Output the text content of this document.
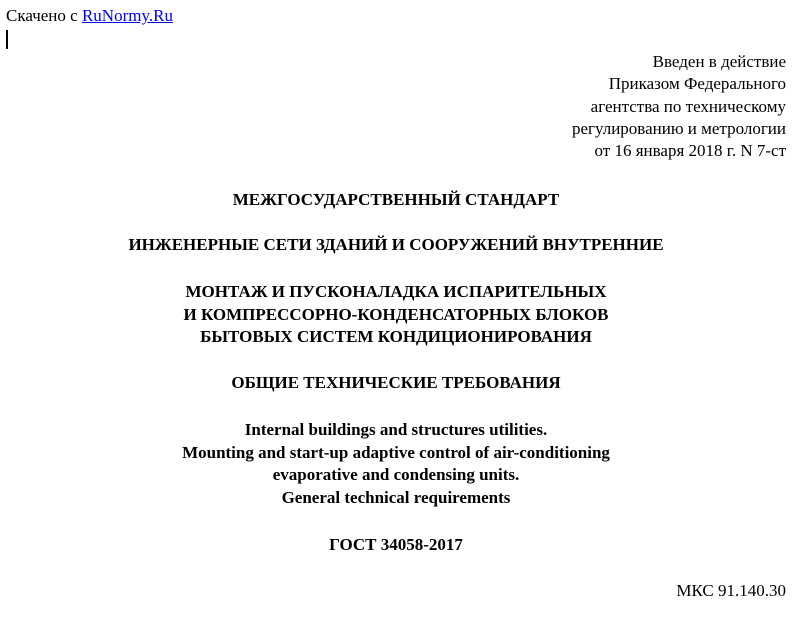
Скачено с RuNormy.Ru
Введен в действие
Приказом Федерального
агентства по техническому
регулированию и метрологии
от 16 января 2018 г. N 7-ст
МЕЖГОСУДАРСТВЕННЫЙ СТАНДАРТ
ИНЖЕНЕРНЫЕ СЕТИ ЗДАНИЙ И СООРУЖЕНИЙ ВНУТРЕННИЕ
МОНТАЖ И ПУСКОНАЛАДКА ИСПАРИТЕЛЬНЫХ
И КОМПРЕССОРНО-КОНДЕНСАТОРНЫХ БЛОКОВ
БЫТОВЫХ СИСТЕМ КОНДИЦИОНИРОВАНИЯ
ОБЩИЕ ТЕХНИЧЕСКИЕ ТРЕБОВАНИЯ
Internal buildings and structures utilities.
Mounting and start-up adaptive control of air-conditioning
evaporative and condensing units.
General technical requirements
ГОСТ 34058-2017
МКС 91.140.30
